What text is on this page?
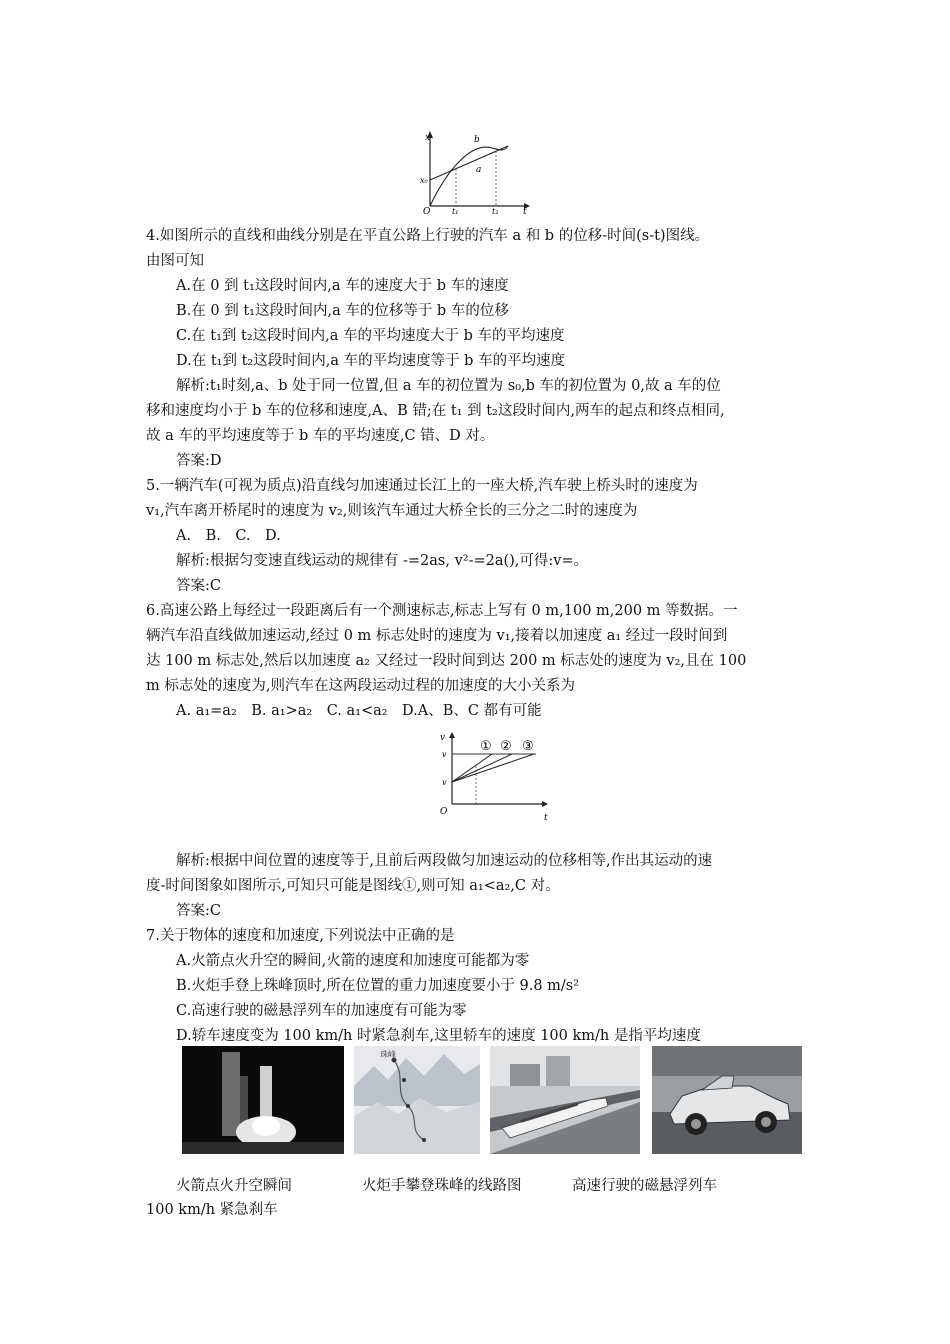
x
t
O
x₀
b
a
t₁	t₂
4.如图所示的直线和曲线分别是在平直公路上行驶的汽车 a 和 b 的位移-时间(s-t)图线。
由图可知
A.在 0 到 t₁这段时间内,a 车的速度大于 b 车的速度
B.在 0 到 t₁这段时间内,a 车的位移等于 b 车的位移
C.在 t₁到 t₂这段时间内,a 车的平均速度大于 b 车的平均速度
D.在 t₁到 t₂这段时间内,a 车的平均速度等于 b 车的平均速度
解析:t₁时刻,a、b 处于同一位置,但 a 车的初位置为 s₀,b 车的初位置为 0,故 a 车的位
移和速度均小于 b 车的位移和速度,A、B 错;在 t₁ 到 t₂这段时间内,两车的起点和终点相同,
故 a 车的平均速度等于 b 车的平均速度,C 错、D 对。
答案:D
5.一辆汽车(可视为质点)沿直线匀加速通过长江上的一座大桥,汽车驶上桥头时的速度为
v₁,汽车离开桥尾时的速度为 v₂,则该汽车通过大桥全长的三分之二时的速度为
A.　B.　C.　D.
解析:根据匀变速直线运动的规律有 -=2as, v²-=2a(),可得:v=。
答案:C
6.高速公路上每经过一段距离后有一个测速标志,标志上写有 0 m,100 m,200 m 等数据。一
辆汽车沿直线做加速运动,经过 0 m 标志处时的速度为 v₁,接着以加速度 a₁ 经过一段时间到
达 100 m 标志处,然后以加速度 a₂ 又经过一段时间到达 200 m 标志处的速度为 v₂,且在 100
m 标志处的速度为,则汽车在这两段运动过程的加速度的大小关系为
A. a₁=a₂　B. a₁>a₂　C. a₁<a₂　D.A、B、C 都有可能
v
t
O
v
v
① ② ③
解析:根据中间位置的速度等于,且前后两段做匀加速运动的位移相等,作出其运动的速
度-时间图象如图所示,可知只可能是图线①,则可知 a₁<a₂,C 对。
答案:C
7.关于物体的速度和加速度,下列说法中正确的是
A.火箭点火升空的瞬间,火箭的速度和加速度可能都为零
B.火炬手登上珠峰顶时,所在位置的重力加速度要小于 9.8 m/s²
C.高速行驶的磁悬浮列车的加速度有可能为零
D.轿车速度变为 100 km/h 时紧急刹车,这里轿车的速度 100 km/h 是指平均速度
珠峰
火箭点火升空瞬间	火炬手攀登珠峰的线路图	高速行驶的磁悬浮列车
100 km/h 紧急刹车
